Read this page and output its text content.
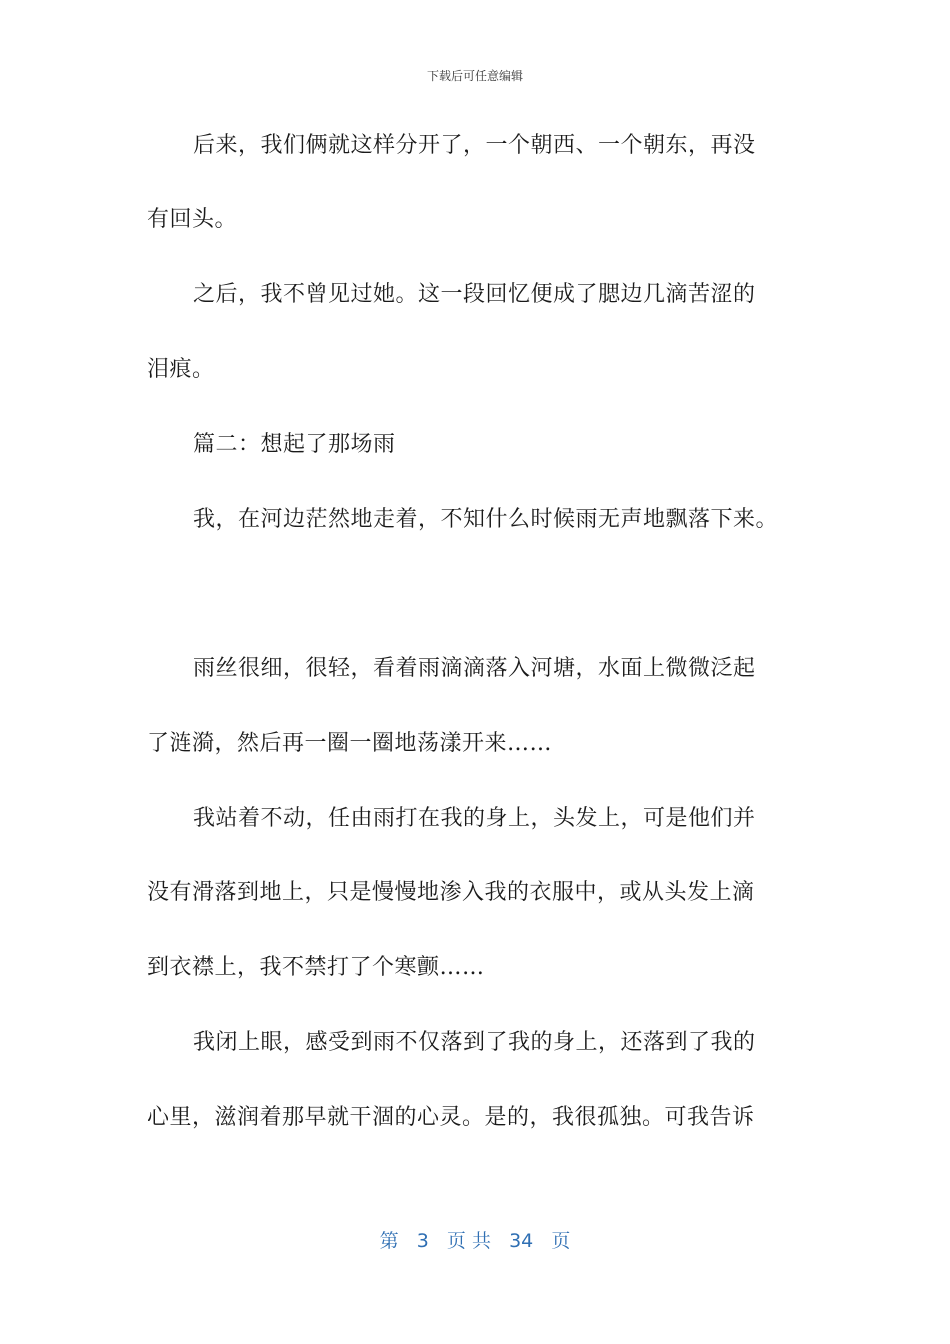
下载后可任意编辑
后来，我们俩就这样分开了，一个朝西、一个朝东，再没
有回头。
之后，我不曾见过她。这一段回忆便成了腮边几滴苦涩的
泪痕。
篇二：想起了那场雨
我，在河边茫然地走着，不知什么时候雨无声地飘落下来。
雨丝很细，很轻，看着雨滴滴落入河塘，水面上微微泛起
了涟漪，然后再一圈一圈地荡漾开来……
我站着不动，任由雨打在我的身上，头发上，可是他们并
没有滑落到地上，只是慢慢地渗入我的衣服中，或从头发上滴
到衣襟上，我不禁打了个寒颤……
我闭上眼，感受到雨不仅落到了我的身上，还落到了我的
心里，滋润着那早就干涸的心灵。是的，我很孤独。可我告诉
第 3 页 共 34 页
